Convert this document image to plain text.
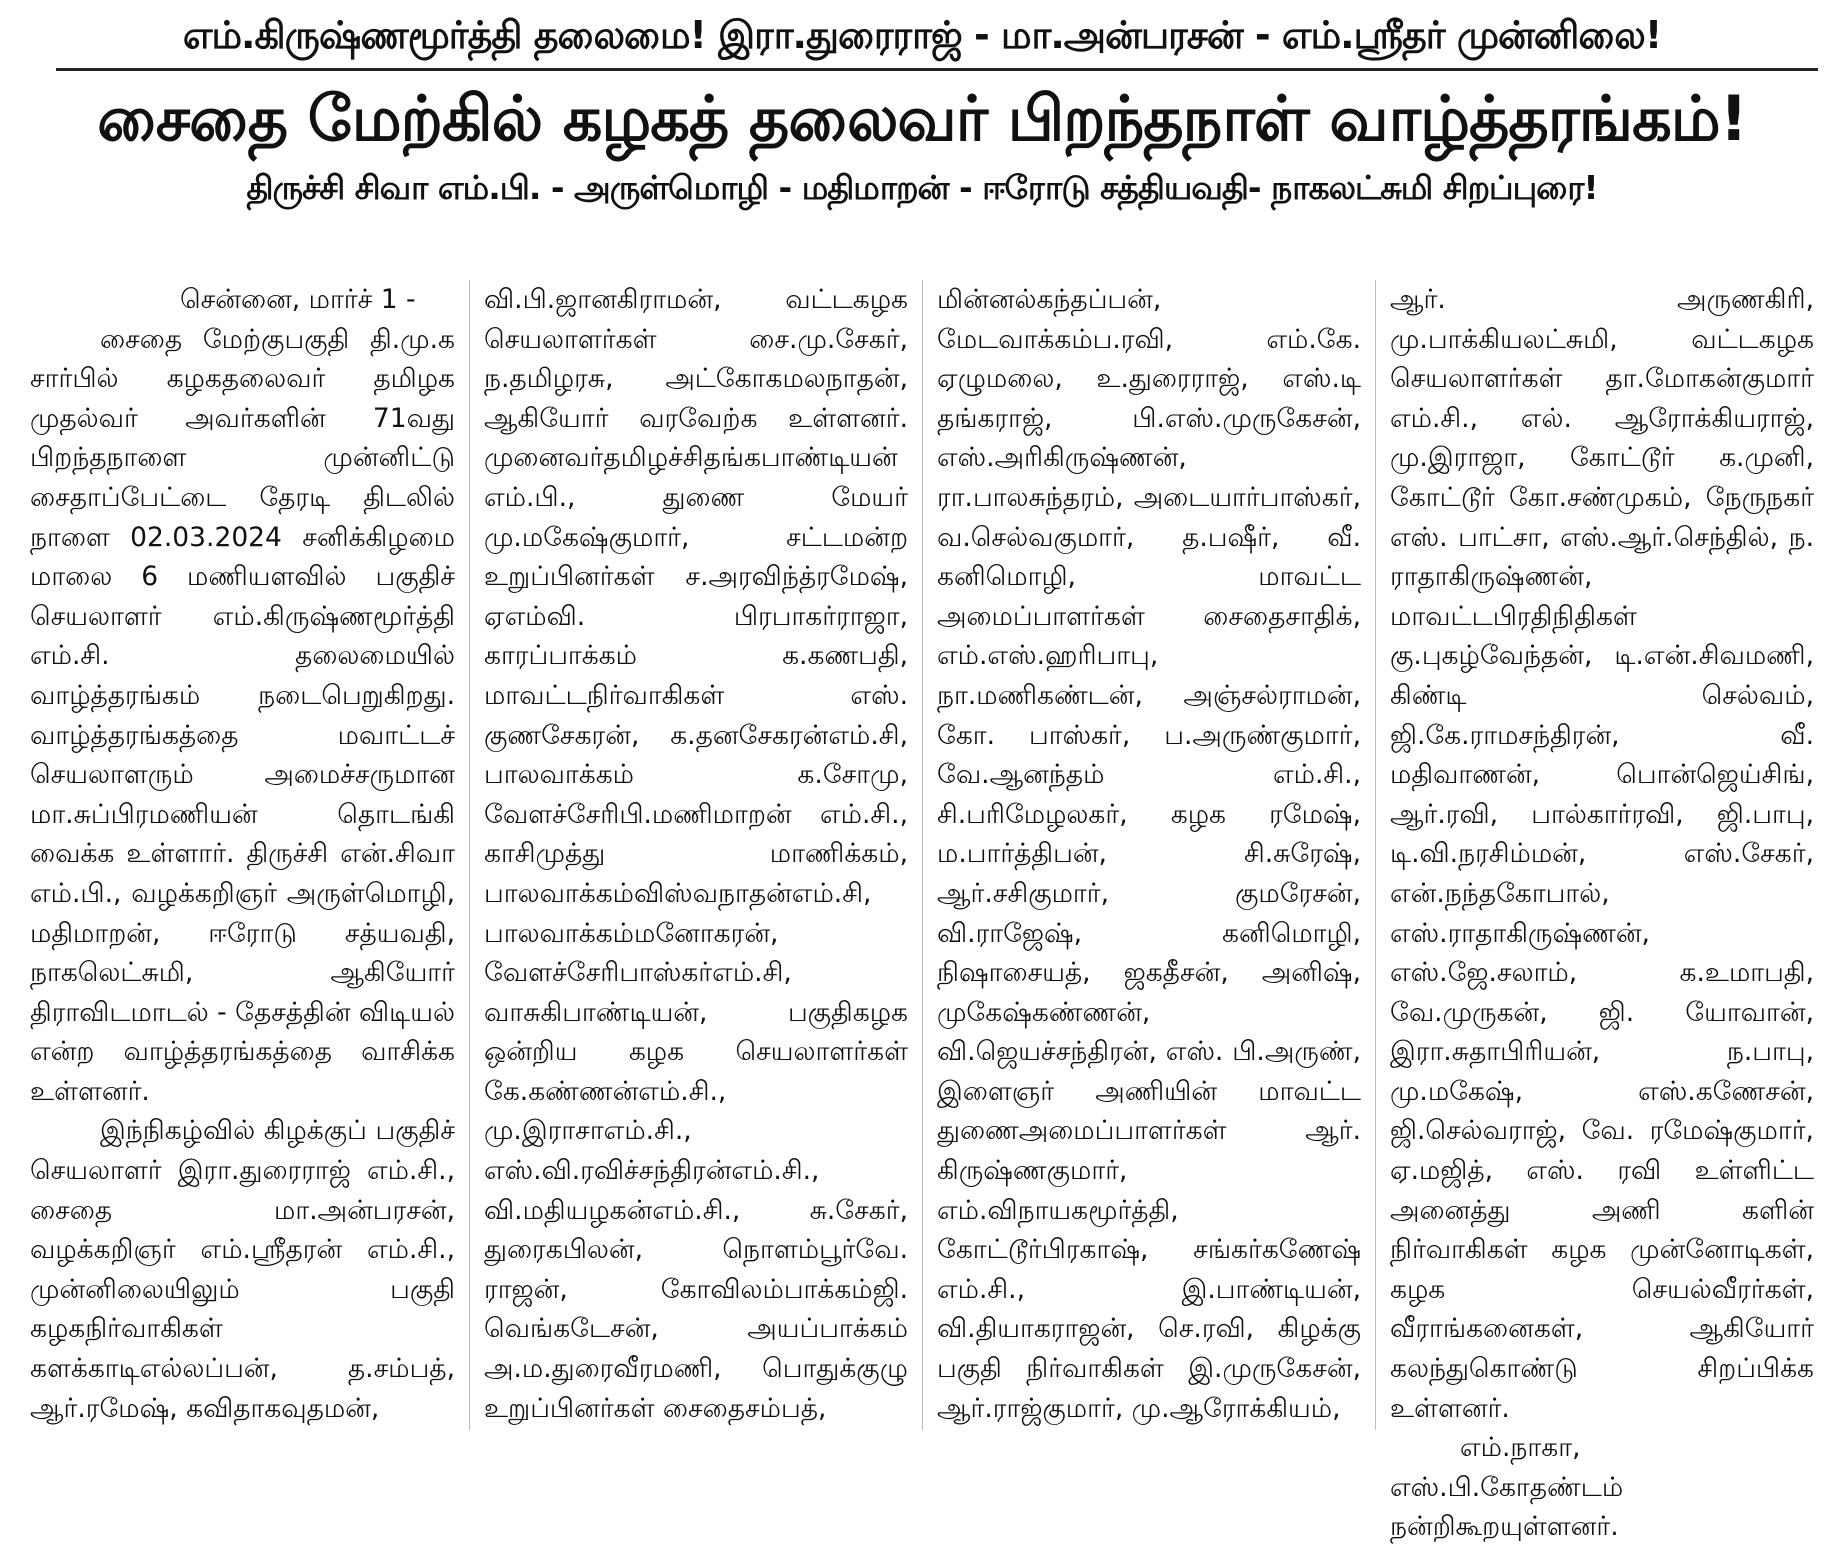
எம்.கிருஷ்ணமூர்த்தி தலைமை! இரா.துரைராஜ் - மா.அன்பரசன் - எம்.ஸ்ரீதர் முன்னிலை!
சைதை மேற்கில் கழகத் தலைவர் பிறந்தநாள் வாழ்த்தரங்கம்!
திருச்சி சிவா எம்.பி. - அருள்மொழி - மதிமாறன் - ஈரோடு சத்தியவதி- நாகலட்சுமி சிறப்புரை!

சென்னை, மார்ச் 1 -

சைதை மேற்குபகுதி தி.மு.க சார்பில் கழகதலைவர் தமிழக முதல்வர் அவர்களின் 71வது பிறந்தநாளை முன்னிட்டு சைதாப்பேட்டை தேரடி திடலில் நாளை 02.03.2024 சனிக்கிழமை மாலை 6 மணியளவில் பகுதிச் செயலாளர் எம்.கிருஷ்ணமூர்த்தி எம்.சி. தலைமையில் வாழ்த்தரங்கம் நடைபெறுகிறது. வாழ்த்தரங்கத்தை மவாட்டச் செயலாளரும் அமைச்சருமான மா.சுப்பிரமணியன் தொடங்கி வைக்க உள்ளார். திருச்சி என்.சிவா எம்.பி., வழக்கறிஞர் அருள்மொழி, மதிமாறன், ஈரோடு சத்யவதி, நாகலெட்சுமி, ஆகியோர் திராவிடமாடல் - தேசத்தின் விடியல் என்ற வாழ்த்தரங்கத்தை வாசிக்க உள்ளனர்.

இந்நிகழ்வில் கிழக்குப் பகுதிச் செயலாளர் இரா.துரைராஜ் எம்.சி., சைதை மா.அன்பரசன், வழக்கறிஞர் எம்.ஸ்ரீதரன் எம்.சி., முன்னிலையிலும் பகுதி கழகநிர்வாகிகள் களக்காடிஎல்லப்பன், த.சம்பத், ஆர்.ரமேஷ், கவிதாகவுதமன்,

வி.பி.ஜானகிராமன், வட்டகழக செயலாளர்கள் சை.மு.சேகர், ந.தமிழரசு, அட்கோகமலநாதன், ஆகியோர் வரவேற்க உள்ளனர். முனைவர்தமிழச்சிதங்கபாண்டியன் எம்.பி., துணை மேயர் மு.மகேஷ்குமார், சட்டமன்ற உறுப்பினர்கள் ச.அரவிந்த்ரமேஷ், ஏஎம்வி. பிரபாகர்ராஜா, காரப்பாக்கம் க.கணபதி, மாவட்டநிர்வாகிகள் எஸ். குணசேகரன், க.தனசேகரன்எம்.சி, பாலவாக்கம் க.சோமு, வேளச்சேரிபி.மணிமாறன் எம்.சி., காசிமுத்து மாணிக்கம், பாலவாக்கம்விஸ்வநாதன்எம்.சி, பாலவாக்கம்மனோகரன், வேளச்சேரிபாஸ்கர்எம்.சி, வாசுகிபாண்டியன், பகுதிகழக ஒன்றிய கழக செயலாளர்கள் கே.கண்ணன்எம்.சி., மு.இராசாஎம்.சி., எஸ்.வி.ரவிச்சந்திரன்எம்.சி., வி.மதியழகன்எம்.சி., சு.சேகர், துரைகபிலன், நொளம்பூர்வே. ராஜன், கோவிலம்பாக்கம்ஜி. வெங்கடேசன், அயப்பாக்கம் அ.ம.துரைவீரமணி, பொதுக்குழு உறுப்பினர்கள் சைதைசம்பத்,

மின்னல்கந்தப்பன், மேடவாக்கம்ப.ரவி, எம்.கே. ஏழுமலை, உ.துரைராஜ், எஸ்.டி தங்கராஜ், பி.எஸ்.முருகேசன், எஸ்.அரிகிருஷ்ணன், ரா.பாலசுந்தரம், அடையார்பாஸ்கர், வ.செல்வகுமார், த.பஷீர், வீ. கனிமொழி, மாவட்ட அமைப்பாளர்கள் சைதைசாதிக், எம்.எஸ்.ஹரிபாபு, நா.மணிகண்டன், அஞ்சல்ராமன், கோ. பாஸ்கர், ப.அருண்குமார், வே.ஆனந்தம் எம்.சி., சி.பரிமேழலகர், கழக ரமேஷ், ம.பார்த்திபன், சி.சுரேஷ், ஆர்.சசிகுமார், குமரேசன், வி.ராஜேஷ், கனிமொழி, நிஷாசையத், ஜகதீசன், அனிஷ், முகேஷ்கண்ணன், வி.ஜெயச்சந்திரன், எஸ். பி.அருண், இளைஞர் அணியின் மாவட்ட துணைஅமைப்பாளர்கள் ஆர். கிருஷ்ணகுமார், எம்.விநாயகமூர்த்தி, கோட்டூர்பிரகாஷ், சங்கர்கணேஷ் எம்.சி., இ.பாண்டியன், வி.தியாகராஜன், செ.ரவி, கிழக்கு பகுதி நிர்வாகிகள் இ.முருகேசன், ஆர்.ராஜ்குமார், மு.ஆரோக்கியம்,

ஆர். அருணகிரி, மு.பாக்கியலட்சுமி, வட்டகழக செயலாளர்கள் தா.மோகன்குமார் எம்.சி., எல். ஆரோக்கியராஜ், மு.இராஜா, கோட்டூர் க.முனி, கோட்டூர் கோ.சண்முகம், நேருநகர் எஸ். பாட்சா, எஸ்.ஆர்.செந்தில், ந. ராதாகிருஷ்ணன், மாவட்டபிரதிநிதிகள் கு.புகழ்வேந்தன், டி.என்.சிவமணி, கிண்டி செல்வம், ஜி.கே.ராமசந்திரன், வீ. மதிவாணன், பொன்ஜெய்சிங், ஆர்.ரவி, பால்கார்ரவி, ஜி.பாபு, டி.வி.நரசிம்மன், எஸ்.சேகர், என்.நந்தகோபால், எஸ்.ராதாகிருஷ்ணன், எஸ்.ஜே.சலாம், க.உமாபதி, வே.முருகன், ஜி. யோவான், இரா.சுதாபிரியன், ந.பாபு, மு.மகேஷ், எஸ்.கணேசன், ஜி.செல்வராஜ், வே. ரமேஷ்குமார், ஏ.மஜித், எஸ். ரவி உள்ளிட்ட அனைத்து அணி களின் நிர்வாகிகள் கழக முன்னோடிகள், கழக செயல்வீரர்கள், வீராங்கனைகள், ஆகியோர் கலந்துகொண்டு சிறப்பிக்க உள்ளனர்.

எம்.நாகா, எஸ்.பி.கோதண்டம் நன்றிகூறயுள்ளனர்.
